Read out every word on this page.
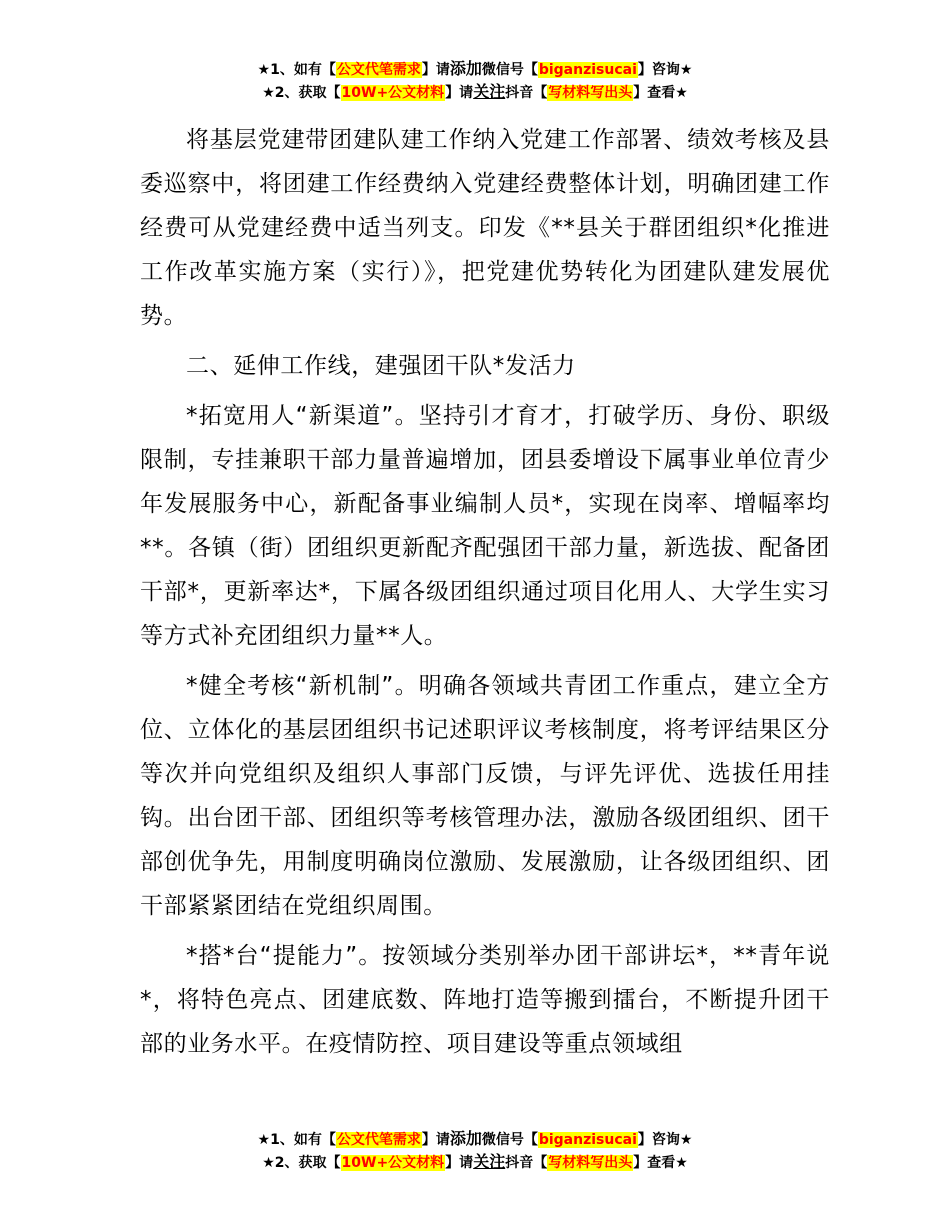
★1、如有【公文代笔需求】请添加微信号【biganzisucai】咨询★
★2、获取【10W+公文材料】请关注抖音【写材料写出头】查看★

将基层党建带团建队建工作纳入党建工作部署、绩效考核及县委巡察中，将团建工作经费纳入党建经费整体计划，明确团建工作经费可从党建经费中适当列支。印发《**县关于群团组织*化推进工作改革实施方案（实行）》，把党建优势转化为团建队建发展优势。

二、延伸工作线，建强团干队*发活力

*拓宽用人“新渠道”。坚持引才育才，打破学历、身份、职级限制，专挂兼职干部力量普遍增加，团县委增设下属事业单位青少年发展服务中心，新配备事业编制人员*，实现在岗率、增幅率均**。各镇（街）团组织更新配齐配强团干部力量，新选拔、配备团干部*，更新率达*，下属各级团组织通过项目化用人、大学生实习等方式补充团组织力量**人。

*健全考核“新机制”。明确各领域共青团工作重点，建立全方位、立体化的基层团组织书记述职评议考核制度，将考评结果区分等次并向党组织及组织人事部门反馈，与评先评优、选拔任用挂钩。出台团干部、团组织等考核管理办法，激励各级团组织、团干部创优争先，用制度明确岗位激励、发展激励，让各级团组织、团干部紧紧团结在党组织周围。

*搭*台“提能力”。按领域分类别举办团干部讲坛*，**青年说*，将特色亮点、团建底数、阵地打造等搬到擂台，不断提升团干部的业务水平。在疫情防控、项目建设等重点领域组

★1、如有【公文代笔需求】请添加微信号【biganzisucai】咨询★
★2、获取【10W+公文材料】请关注抖音【写材料写出头】查看★
